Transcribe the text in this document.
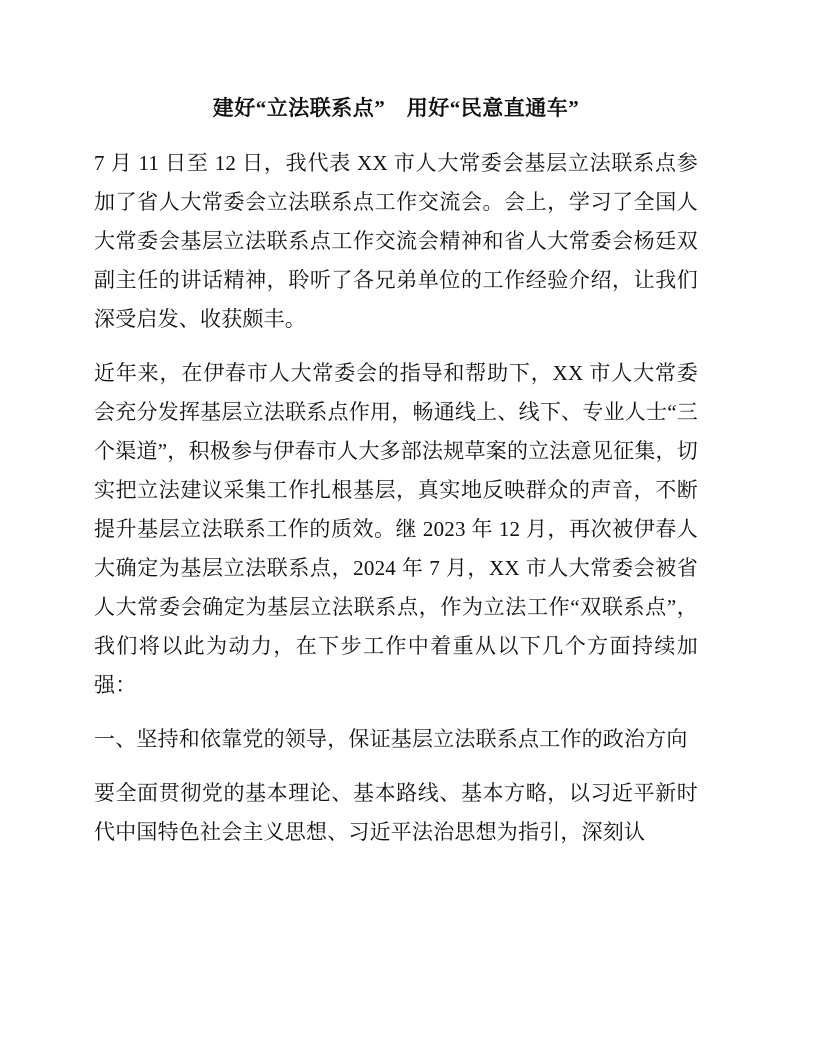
建好“立法联系点”　用好“民意直通车”

7 月 11 日至 12 日，我代表 XX 市人大常委会基层立法联系点参加了省人大常委会立法联系点工作交流会。会上，学习了全国人大常委会基层立法联系点工作交流会精神和省人大常委会杨廷双副主任的讲话精神，聆听了各兄弟单位的工作经验介绍，让我们深受启发、收获颇丰。

近年来，在伊春市人大常委会的指导和帮助下，XX 市人大常委会充分发挥基层立法联系点作用，畅通线上、线下、专业人士“三个渠道”，积极参与伊春市人大多部法规草案的立法意见征集，切实把立法建议采集工作扎根基层，真实地反映群众的声音，不断提升基层立法联系工作的质效。继 2023 年 12 月，再次被伊春人大确定为基层立法联系点，2024 年 7 月，XX 市人大常委会被省人大常委会确定为基层立法联系点，作为立法工作“双联系点”，我们将以此为动力，在下步工作中着重从以下几个方面持续加强：

一、坚持和依靠党的领导，保证基层立法联系点工作的政治方向

要全面贯彻党的基本理论、基本路线、基本方略，以习近平新时代中国特色社会主义思想、习近平法治思想为指引，深刻认
